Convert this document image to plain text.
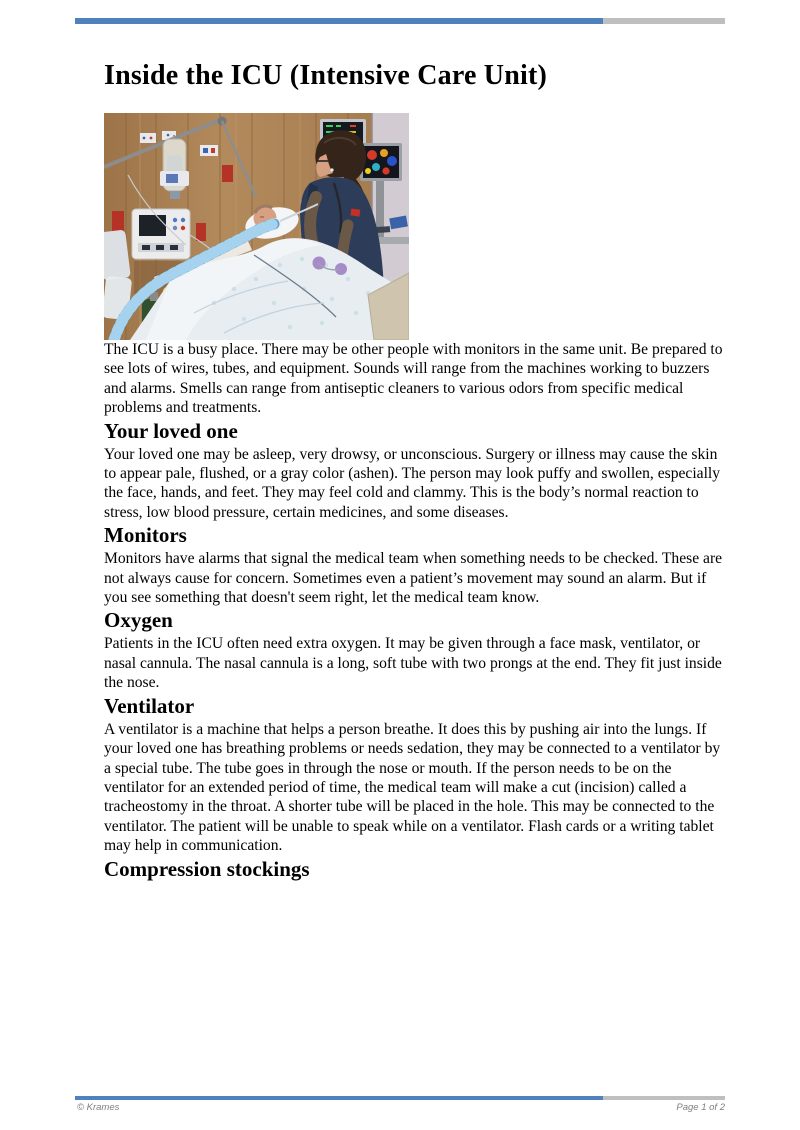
Inside the ICU (Intensive Care Unit)

The ICU is a busy place. There may be other people with monitors in the same unit. Be prepared to see lots of wires, tubes, and equipment. Sounds will range from the machines working to buzzers and alarms. Smells can range from antiseptic cleaners to various odors from specific medical problems and treatments.

Your loved one

Your loved one may be asleep, very drowsy, or unconscious. Surgery or illness may cause the skin to appear pale, flushed, or a gray color (ashen). The person may look puffy and swollen, especially the face, hands, and feet. They may feel cold and clammy. This is the body’s normal reaction to stress, low blood pressure, certain medicines, and some diseases.

Monitors

Monitors have alarms that signal the medical team when something needs to be checked. These are not always cause for concern. Sometimes even a patient’s movement may sound an alarm. But if you see something that doesn't seem right, let the medical team know.

Oxygen

Patients in the ICU often need extra oxygen. It may be given through a face mask, ventilator, or nasal cannula. The nasal cannula is a long, soft tube with two prongs at the end. They fit just inside the nose.

Ventilator

A ventilator is a machine that helps a person breathe. It does this by pushing air into the lungs. If your loved one has breathing problems or needs sedation, they may be connected to a ventilator by a special tube. The tube goes in through the nose or mouth. If the person needs to be on the ventilator for an extended period of time, the medical team will make a cut (incision) called a tracheostomy in the throat. A shorter tube will be placed in the hole. This may be connected to the ventilator. The patient will be unable to speak while on a ventilator. Flash cards or a writing tablet may help in communication.

Compression stockings
© Krames	Page 1 of 2
